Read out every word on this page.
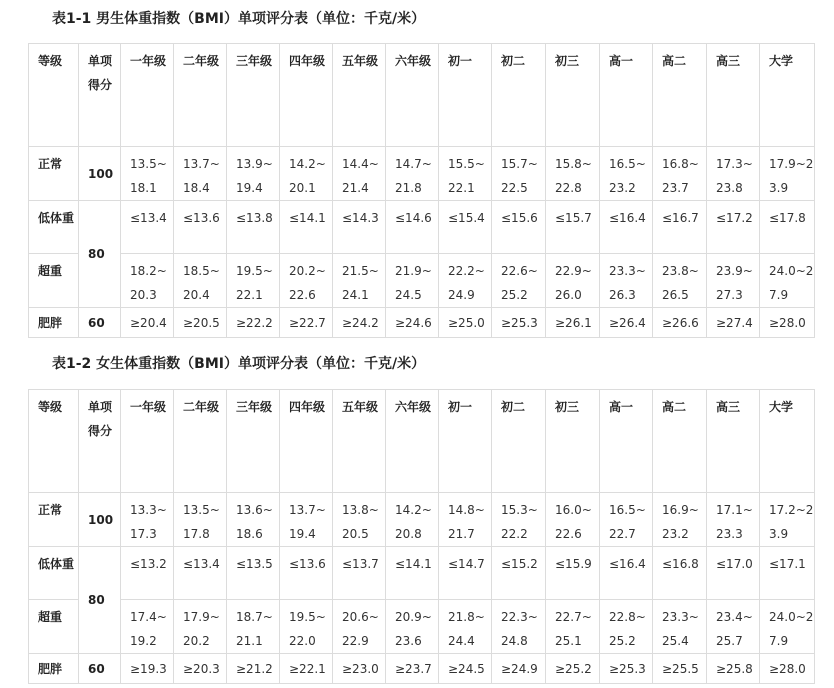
表1-1 男生体重指数（BMI）单项评分表（单位：千克/米）
等级	单项得分	一年级	二年级	三年级	四年级	五年级	六年级	初一	初二	初三	高一	高二	高三	大学
正常	100	13.5~18.1	13.7~18.4	13.9~19.4	14.2~20.1	14.4~21.4	14.7~21.8	15.5~22.1	15.7~22.5	15.8~22.8	16.5~23.2	16.8~23.7	17.3~23.8	17.9~23.9
低体重	80	≤13.4	≤13.6	≤13.8	≤14.1	≤14.3	≤14.6	≤15.4	≤15.6	≤15.7	≤16.4	≤16.7	≤17.2	≤17.8
超重		18.2~20.3	18.5~20.4	19.5~22.1	20.2~22.6	21.5~24.1	21.9~24.5	22.2~24.9	22.6~25.2	22.9~26.0	23.3~26.3	23.8~26.5	23.9~27.3	24.0~27.9
肥胖	60	≥20.4	≥20.5	≥22.2	≥22.7	≥24.2	≥24.6	≥25.0	≥25.3	≥26.1	≥26.4	≥26.6	≥27.4	≥28.0
表1-2 女生体重指数（BMI）单项评分表（单位：千克/米）
等级	单项得分	一年级	二年级	三年级	四年级	五年级	六年级	初一	初二	初三	高一	高二	高三	大学
正常	100	13.3~17.3	13.5~17.8	13.6~18.6	13.7~19.4	13.8~20.5	14.2~20.8	14.8~21.7	15.3~22.2	16.0~22.6	16.5~22.7	16.9~23.2	17.1~23.3	17.2~23.9
低体重	80	≤13.2	≤13.4	≤13.5	≤13.6	≤13.7	≤14.1	≤14.7	≤15.2	≤15.9	≤16.4	≤16.8	≤17.0	≤17.1
超重		17.4~19.2	17.9~20.2	18.7~21.1	19.5~22.0	20.6~22.9	20.9~23.6	21.8~24.4	22.3~24.8	22.7~25.1	22.8~25.2	23.3~25.4	23.4~25.7	24.0~27.9
肥胖	60	≥19.3	≥20.3	≥21.2	≥22.1	≥23.0	≥23.7	≥24.5	≥24.9	≥25.2	≥25.3	≥25.5	≥25.8	≥28.0
